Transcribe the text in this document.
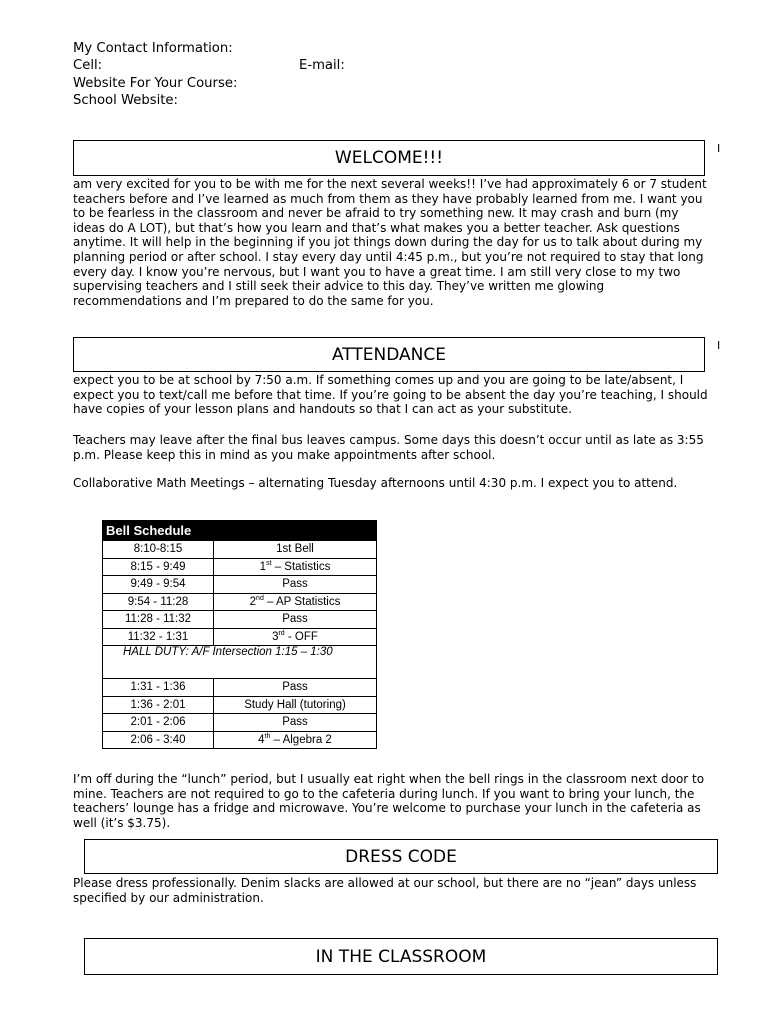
My Contact Information:
Cell:	E-mail:
Website For Your Course:
School Website:
WELCOME!!!	I
am very excited for you to be with me for the next several weeks!! I’ve had approximately 6 or 7 student
teachers before and I’ve learned as much from them as they have probably learned from me. I want you
to be fearless in the classroom and never be afraid to try something new. It may crash and burn (my
ideas do A LOT), but that’s how you learn and that’s what makes you a better teacher. Ask questions
anytime. It will help in the beginning if you jot things down during the day for us to talk about during my
planning period or after school. I stay every day until 4:45 p.m., but you’re not required to stay that long
every day. I know you’re nervous, but I want you to have a great time. I am still very close to my two
supervising teachers and I still seek their advice to this day. They’ve written me glowing
recommendations and I’m prepared to do the same for you.
ATTENDANCE	I
expect you to be at school by 7:50 a.m. If something comes up and you are going to be late/absent, I
expect you to text/call me before that time. If you’re going to be absent the day you’re teaching, I should
have copies of your lesson plans and handouts so that I can act as your substitute.
Teachers may leave after the final bus leaves campus. Some days this doesn’t occur until as late as 3:55
p.m. Please keep this in mind as you make appointments after school.
Collaborative Math Meetings – alternating Tuesday afternoons until 4:30 p.m. I expect you to attend.
Bell Schedule	
8:10-8:15	1st Bell
8:15 - 9:49	1st – Statistics
9:49 - 9:54	Pass
9:54 - 11:28	2nd – AP Statistics
11:28 - 11:32	Pass
11:32 - 1:31	3rd - OFF
HALL DUTY: A/F Intersection 1:15 – 1:30	
1:31 - 1:36	Pass
1:36 - 2:01	Study Hall (tutoring)
2:01 - 2:06	Pass
2:06 - 3:40	4th – Algebra 2
I’m off during the “lunch” period, but I usually eat right when the bell rings in the classroom next door to
mine. Teachers are not required to go to the cafeteria during lunch. If you want to bring your lunch, the
teachers’ lounge has a fridge and microwave. You’re welcome to purchase your lunch in the cafeteria as
well (it’s $3.75).
DRESS CODE
Please dress professionally. Denim slacks are allowed at our school, but there are no “jean” days unless
specified by our administration.
IN THE CLASSROOM
